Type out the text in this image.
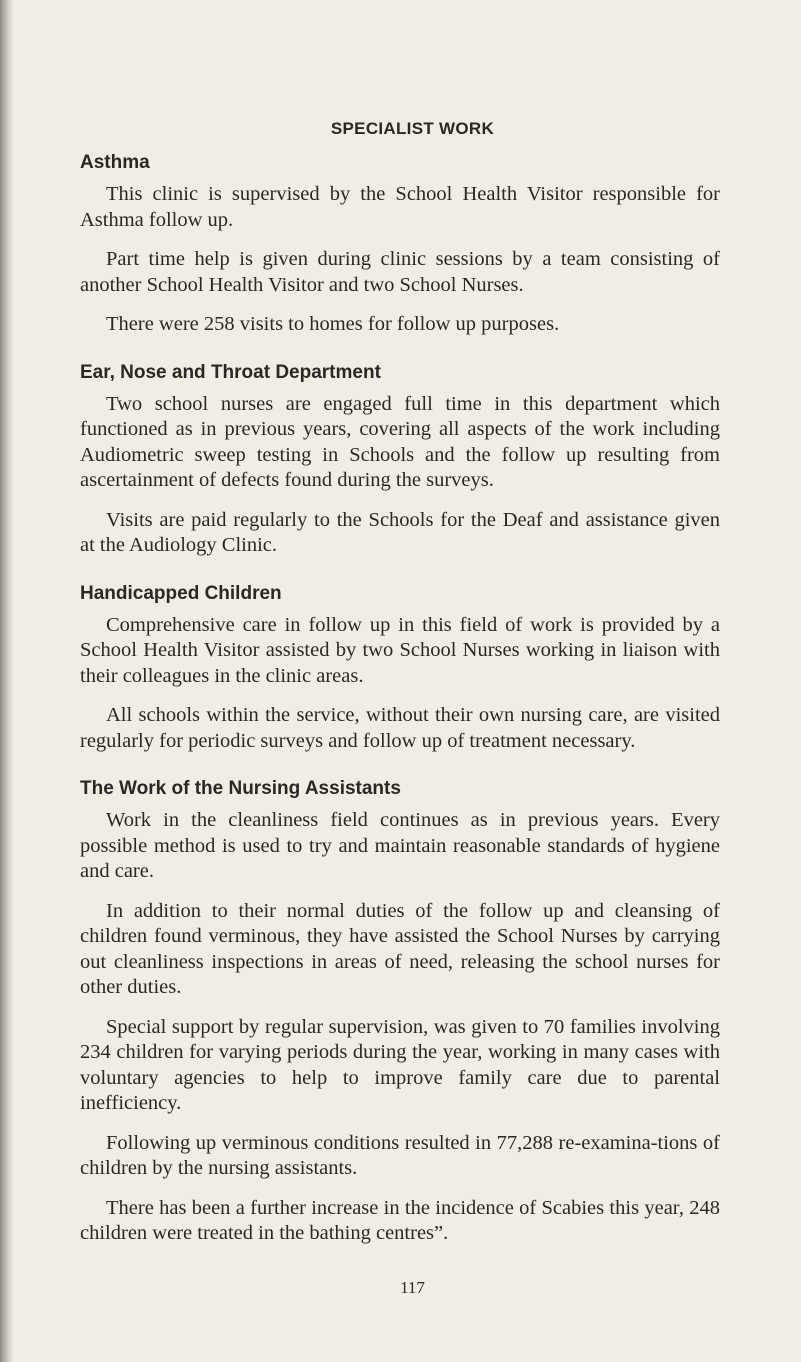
SPECIALIST WORK
Asthma

This clinic is supervised by the School Health Visitor responsible for Asthma follow up.

Part time help is given during clinic sessions by a team consisting of another School Health Visitor and two School Nurses.

There were 258 visits to homes for follow up purposes.

Ear, Nose and Throat Department

Two school nurses are engaged full time in this department which functioned as in previous years, covering all aspects of the work including Audiometric sweep testing in Schools and the follow up resulting from ascertainment of defects found during the surveys.

Visits are paid regularly to the Schools for the Deaf and assistance given at the Audiology Clinic.

Handicapped Children

Comprehensive care in follow up in this field of work is provided by a School Health Visitor assisted by two School Nurses working in liaison with their colleagues in the clinic areas.

All schools within the service, without their own nursing care, are visited regularly for periodic surveys and follow up of treatment necessary.

The Work of the Nursing Assistants

Work in the cleanliness field continues as in previous years. Every possible method is used to try and maintain reasonable standards of hygiene and care.

In addition to their normal duties of the follow up and cleansing of children found verminous, they have assisted the School Nurses by carrying out cleanliness inspections in areas of need, releasing the school nurses for other duties.

Special support by regular supervision, was given to 70 families involving 234 children for varying periods during the year, working in many cases with voluntary agencies to help to improve family care due to parental inefficiency.

Following up verminous conditions resulted in 77,288 re-examina-tions of children by the nursing assistants.

There has been a further increase in the incidence of Scabies this year, 248 children were treated in the bathing centres”.

117
